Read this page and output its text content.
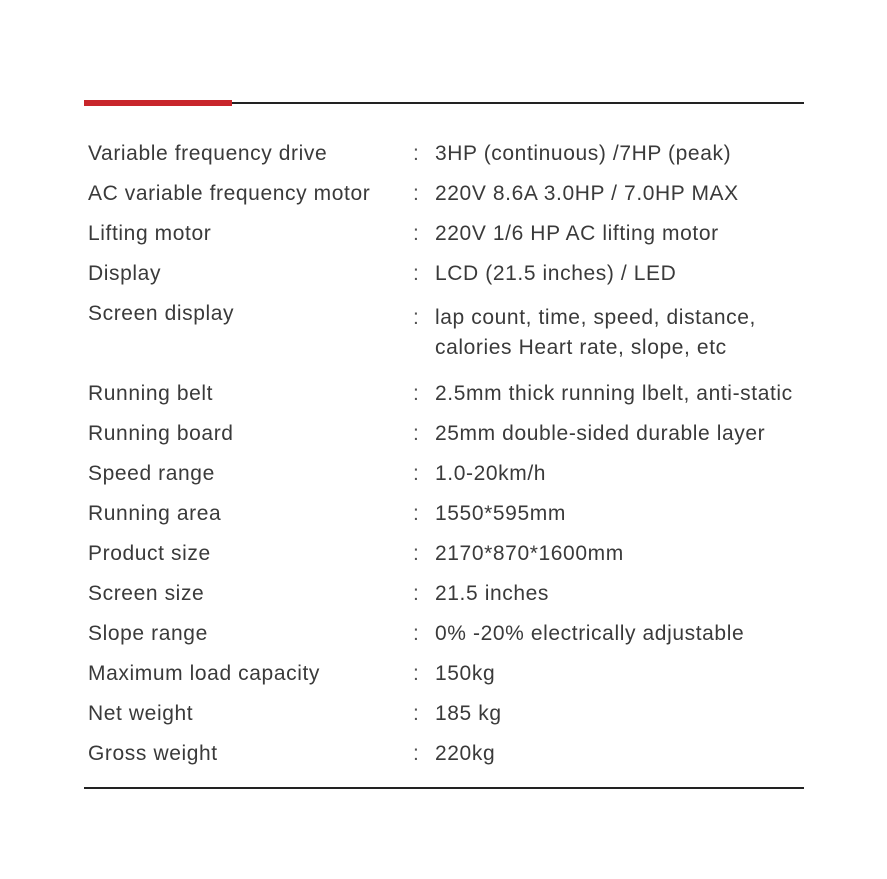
Variable frequency drive	: 3HP (continuous) /7HP (peak)
AC variable frequency motor	: 220V 8.6A 3.0HP / 7.0HP MAX
Lifting motor	: 220V 1/6 HP AC lifting motor
Display	: LCD (21.5 inches) / LED
Screen display	: lap count, time, speed, distance,
calories Heart rate, slope, etc
Running belt	: 2.5mm thick running lbelt, anti-static
Running board	: 25mm double-sided durable layer
Speed range	: 1.0-20km/h
Running area	: 1550*595mm
Product size	: 2170*870*1600mm
Screen size	: 21.5 inches
Slope range	: 0% -20% electrically adjustable
Maximum load capacity	: 150kg
Net weight	: 185 kg
Gross weight	: 220kg
